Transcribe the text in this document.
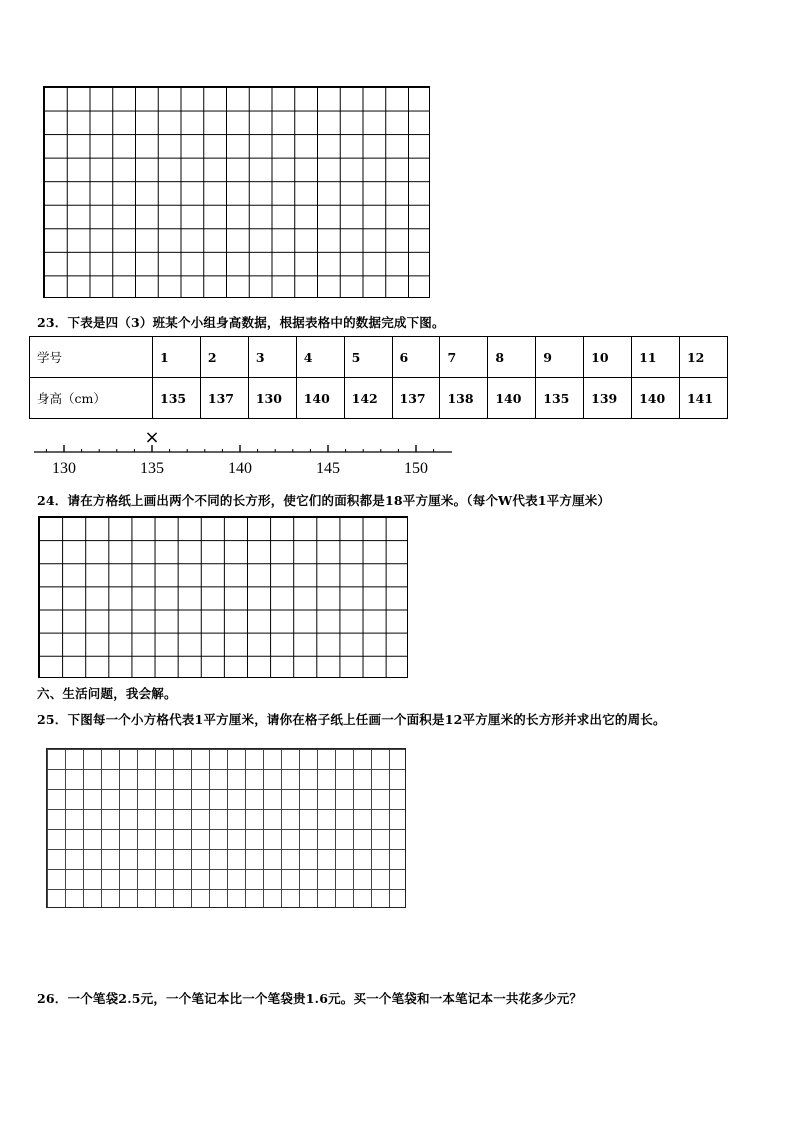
23．下表是四（3）班某个小组身高数据，根据表格中的数据完成下图。
学号	1	2	3	4	5	6	7	8	9	10	11	12
身高（cm）	135	137	130	140	142	137	138	140	135	139	140	141
130	135	140	145	150
×
24．请在方格纸上画出两个不同的长方形，使它们的面积都是18平方厘米。（每个W代表1平方厘米）
六、生活问题，我会解。
25．下图每一个小方格代表1平方厘米，请你在格子纸上任画一个面积是12平方厘米的长方形并求出它的周长。
26．一个笔袋2.5元，一个笔记本比一个笔袋贵1.6元。买一个笔袋和一本笔记本一共花多少元？
